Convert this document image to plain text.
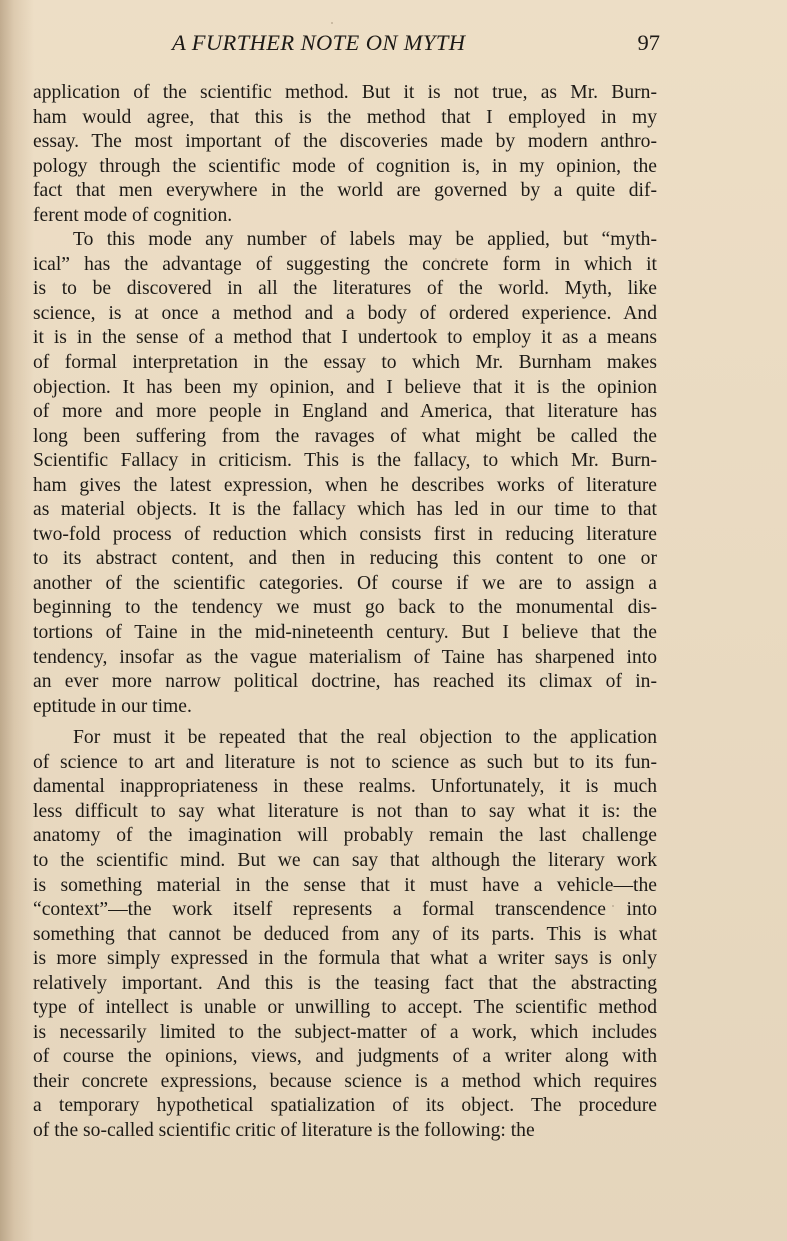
A FURTHER NOTE ON MYTH	97

application of the scientific method. But it is not true, as Mr. Burn-
ham would agree, that this is the method that I employed in my
essay. The most important of the discoveries made by modern anthro-
pology through the scientific mode of cognition is, in my opinion, the
fact that men everywhere in the world are governed by a quite dif-
ferent mode of cognition.

To this mode any number of labels may be applied, but “myth-
ical” has the advantage of suggesting the concrete form in which it
is to be discovered in all the literatures of the world. Myth, like
science, is at once a method and a body of ordered experience. And
it is in the sense of a method that I undertook to employ it as a means
of formal interpretation in the essay to which Mr. Burnham makes
objection. It has been my opinion, and I believe that it is the opinion
of more and more people in England and America, that literature has
long been suffering from the ravages of what might be called the
Scientific Fallacy in criticism. This is the fallacy, to which Mr. Burn-
ham gives the latest expression, when he describes works of literature
as material objects. It is the fallacy which has led in our time to that
two-fold process of reduction which consists first in reducing literature
to its abstract content, and then in reducing this content to one or
another of the scientific categories. Of course if we are to assign a
beginning to the tendency we must go back to the monumental dis-
tortions of Taine in the mid-nineteenth century. But I believe that the
tendency, insofar as the vague materialism of Taine has sharpened into
an ever more narrow political doctrine, has reached its climax of in-
eptitude in our time.

For must it be repeated that the real objection to the application
of science to art and literature is not to science as such but to its fun-
damental inappropriateness in these realms. Unfortunately, it is much
less difficult to say what literature is not than to say what it is: the
anatomy of the imagination will probably remain the last challenge
to the scientific mind. But we can say that although the literary work
is something material in the sense that it must have a vehicle—the
“context”—the work itself represents a formal transcendence into
something that cannot be deduced from any of its parts. This is what
is more simply expressed in the formula that what a writer says is only
relatively important. And this is the teasing fact that the abstracting
type of intellect is unable or unwilling to accept. The scientific method
is necessarily limited to the subject-matter of a work, which includes
of course the opinions, views, and judgments of a writer along with
their concrete expressions, because science is a method which requires
a temporary hypothetical spatialization of its object. The procedure
of the so-called scientific critic of literature is the following: the
